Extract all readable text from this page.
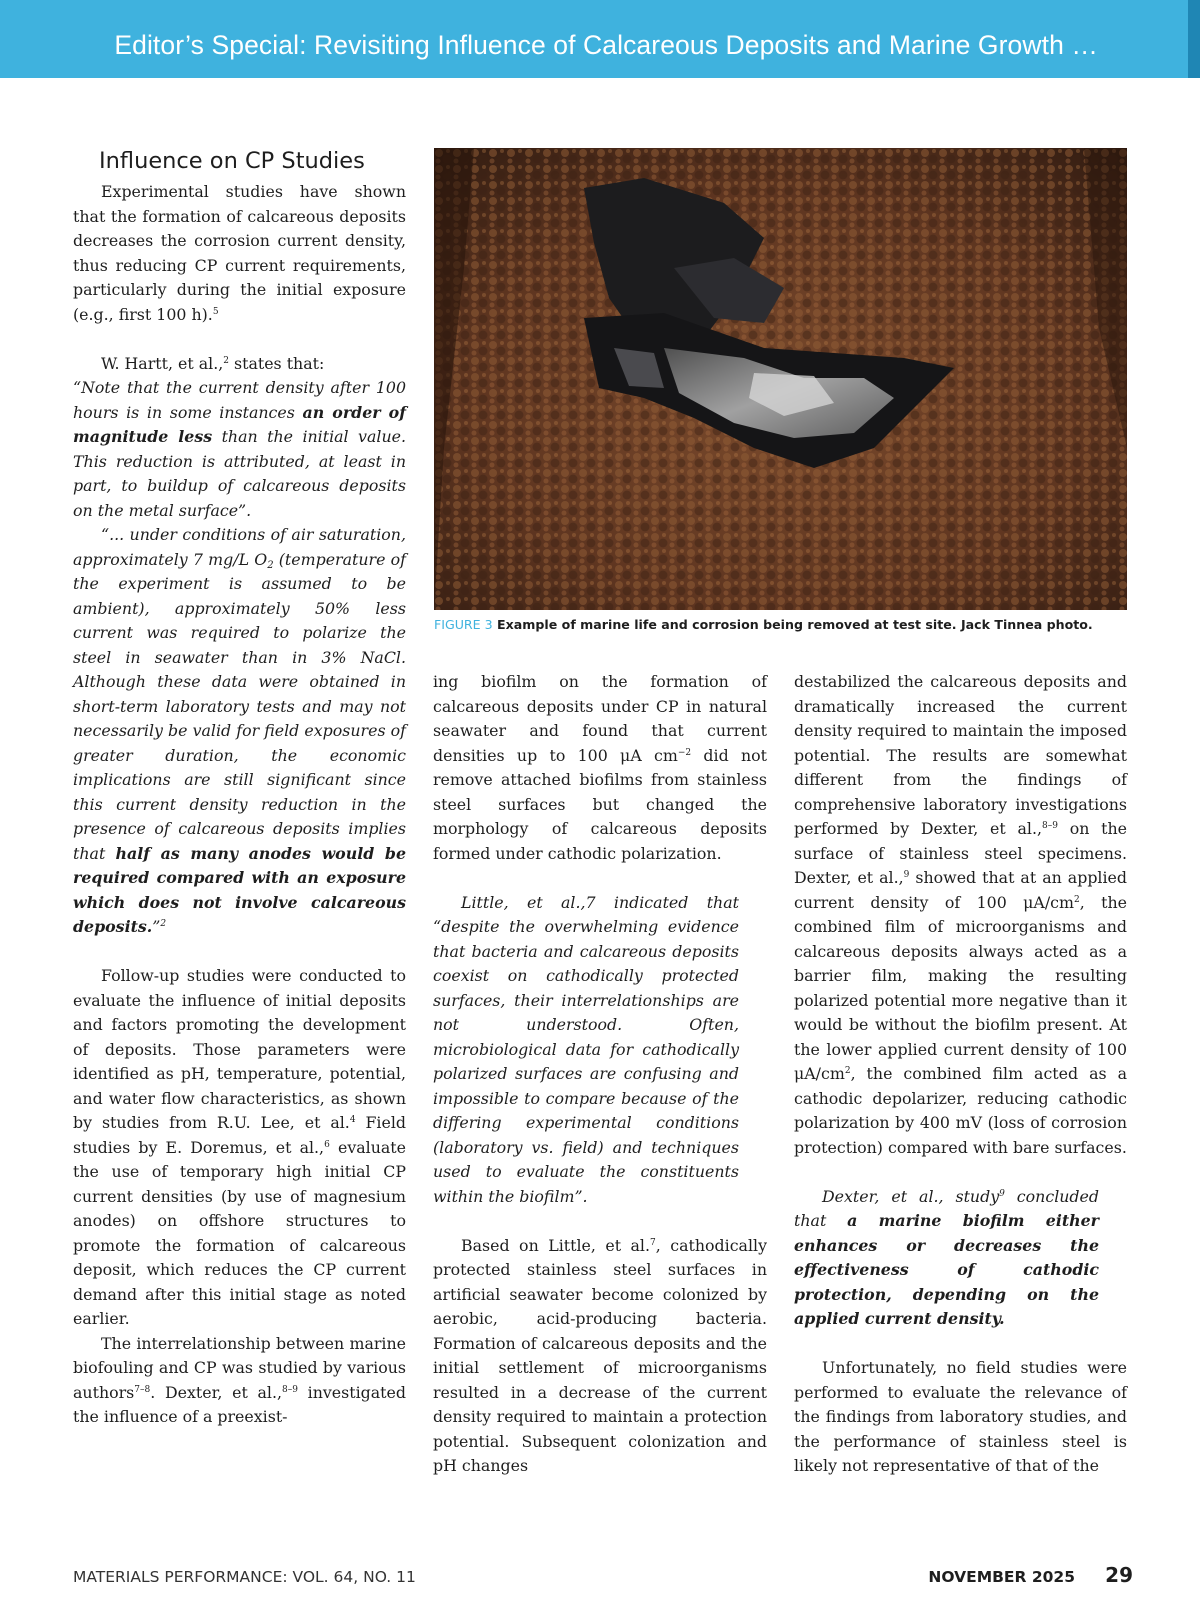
Editor’s Special: Revisiting Influence of Calcareous Deposits and Marine Growth …
Influence on CP Studies

Experimental studies have shown that the formation of calcareous deposits decreases the corrosion current density, thus reducing CP current requirements, particularly during the initial exposure (e.g., first 100 h).$^5$

W. Hartt, et al.,$^2$ states that:

“Note that the current density after 100 hours is in some instances an order of magnitude less than the initial value. This reduction is attributed, at least in part, to buildup of calcareous deposits on the metal surface”.

“... under conditions of air saturation, approximately 7 mg/L $O_2$ (temperature of the experiment is assumed to be ambient), approximately 50% less current was required to polarize the steel in seawater than in 3% NaCl. Although these data were obtained in short-term laboratory tests and may not necessarily be valid for field exposures of greater duration, the economic implications are still significant since this current density reduction in the presence of calcareous deposits implies that half as many anodes would be required compared with an exposure which does not involve calcareous deposits.”$^2$

Follow-up studies were conducted to evaluate the influence of initial deposits and factors promoting the development of deposits. Those parameters were identified as pH, temperature, potential, and water flow characteristics, as shown by studies from R.U. Lee, et al.$^4$ Field studies by E. Doremus, et al.,$^6$ evaluate the use of temporary high initial CP current densities (by use of magnesium anodes) on offshore structures to promote the formation of calcareous deposit, which reduces the CP current demand after this initial stage as noted earlier.

The interrelationship between marine biofouling and CP was studied by various authors$^{7-8}$. Dexter, et al.,$^{8-9}$ investigated the influence of a preexist-

FIGURE 3 Example of marine life and corrosion being removed at test site. Jack Tinnea photo.

ing biofilm on the formation of calcareous deposits under CP in natural seawater and found that current densities up to 100 μA $cm^{-2}$ did not remove attached biofilms from stainless steel surfaces but changed the morphology of calcareous deposits formed under cathodic polarization.

Little, et al.,7 indicated that “despite the overwhelming evidence that bacteria and calcareous deposits coexist on cathodically protected surfaces, their interrelationships are not understood. Often, microbiological data for cathodically polarized surfaces are confusing and impossible to compare because of the differing experimental conditions (laboratory vs. field) and techniques used to evaluate the constituents within the biofilm”.

Based on Little, et al.$^7$, cathodically protected stainless steel surfaces in artificial seawater become colonized by aerobic, acid-producing bacteria. Formation of calcareous deposits and the initial settlement of microorganisms resulted in a decrease of the current density required to maintain a protection potential. Subsequent colonization and pH changes

destabilized the calcareous deposits and dramatically increased the current density required to maintain the imposed potential. The results are somewhat different from the findings of comprehensive laboratory investigations performed by Dexter, et al.,$^{8-9}$ on the surface of stainless steel specimens. Dexter, et al.,$^9$ showed that at an applied current density of 100 $\mu A/cm^2$, the combined film of microorganisms and calcareous deposits always acted as a barrier film, making the resulting polarized potential more negative than it would be without the biofilm present. At the lower applied current density of 100 $\mu A/cm^2$, the combined film acted as a cathodic depolarizer, reducing cathodic polarization by 400 mV (loss of corrosion protection) compared with bare surfaces.

Dexter, et al., study$^9$ concluded that a marine biofilm either enhances or decreases the effectiveness of cathodic protection, depending on the applied current density.

Unfortunately, no field studies were performed to evaluate the relevance of the findings from laboratory studies, and the performance of stainless steel is likely not representative of that of the

MATERIALS PERFORMANCE: VOL. 64, NO. 11	NOVEMBER 2025 29
